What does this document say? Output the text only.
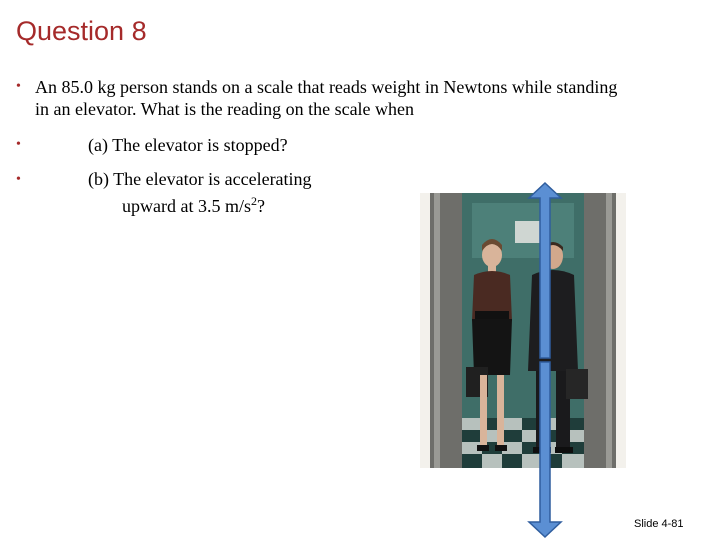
Question 8
• An 85.0 kg person stands on a scale that reads weight in Newtons while standing
in an elevator. What is the reading on the scale when
•	(a) The elevator is stopped?
•	(b) The elevator is accelerating
upward at 3.5 $m/s^2$?
Slide 4-81
